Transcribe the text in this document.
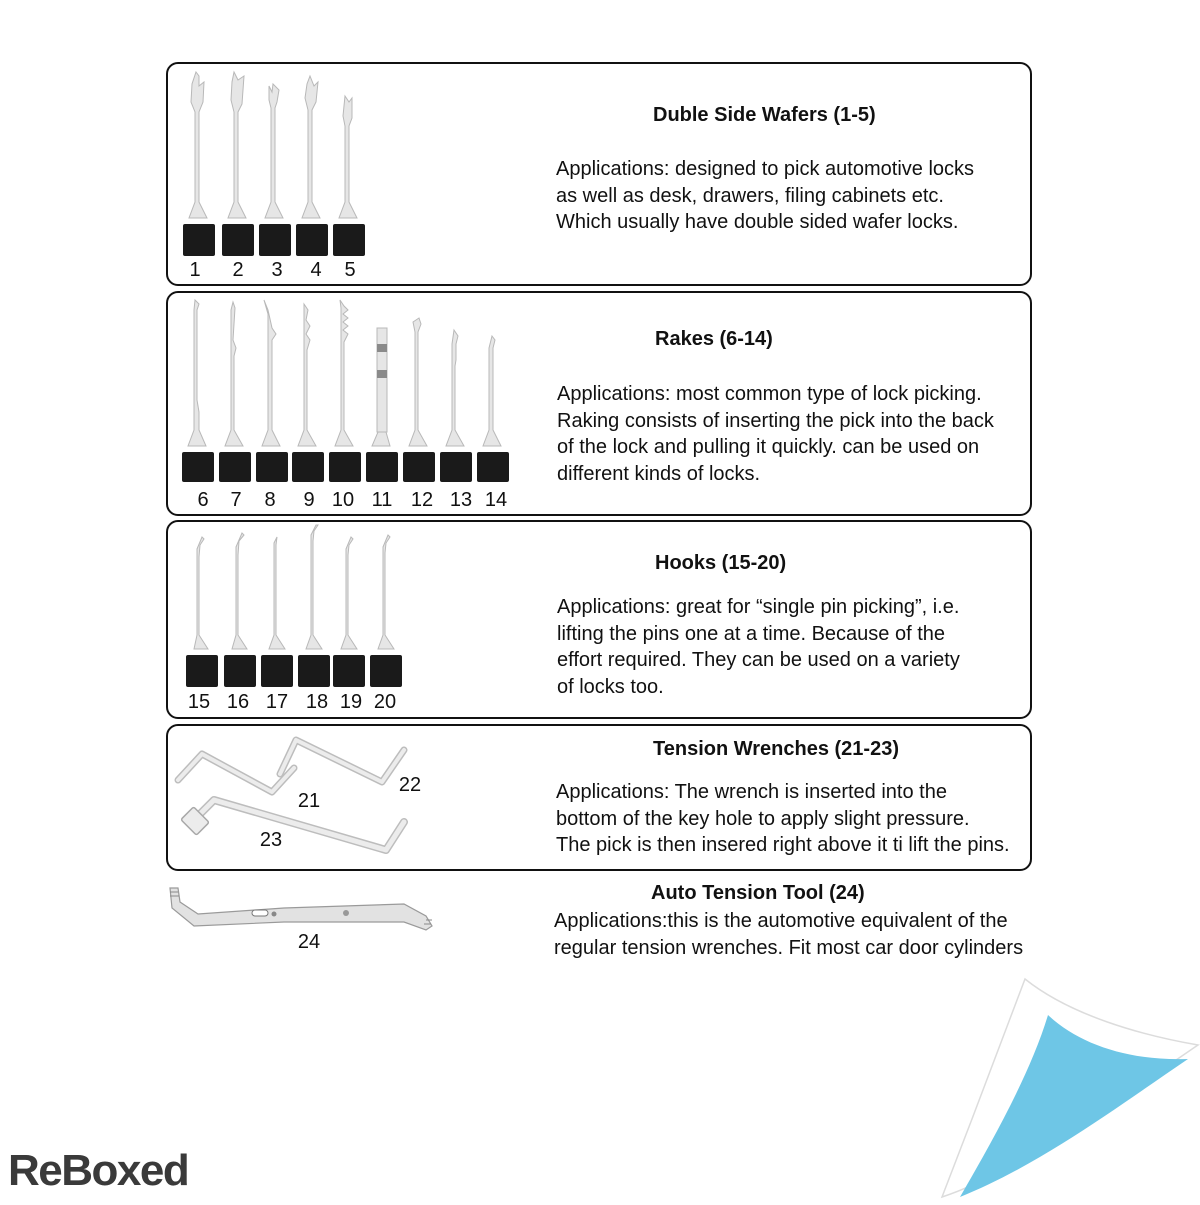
1 2 3 4 5
Duble Side Wafers (1-5)
Applications: designed to pick automotive locks
as well as desk, drawers, filing cabinets etc.
Which usually have double sided wafer locks.
6 7 8 9 10 11 12 13 14
Rakes (6-14)
Applications: most common type of lock picking.
Raking consists of inserting the pick into the back
of the lock and pulling it quickly. can be used on
different kinds of locks.
15 16 17 18 19 20
Hooks (15-20)
Applications: great for “single pin picking”, i.e.
lifting the pins one at a time. Because of the
effort required. They can be used on a variety
of locks too.
21
22
23
Tension Wrenches (21-23)
Applications: The wrench is inserted into the
bottom of the key hole to apply slight pressure.
The pick is then insered right above it ti lift the pins.
24
Auto Tension Tool (24)
Applications:this is the automotive equivalent of the
regular tension wrenches. Fit most car door cylinders
ReBoxed
